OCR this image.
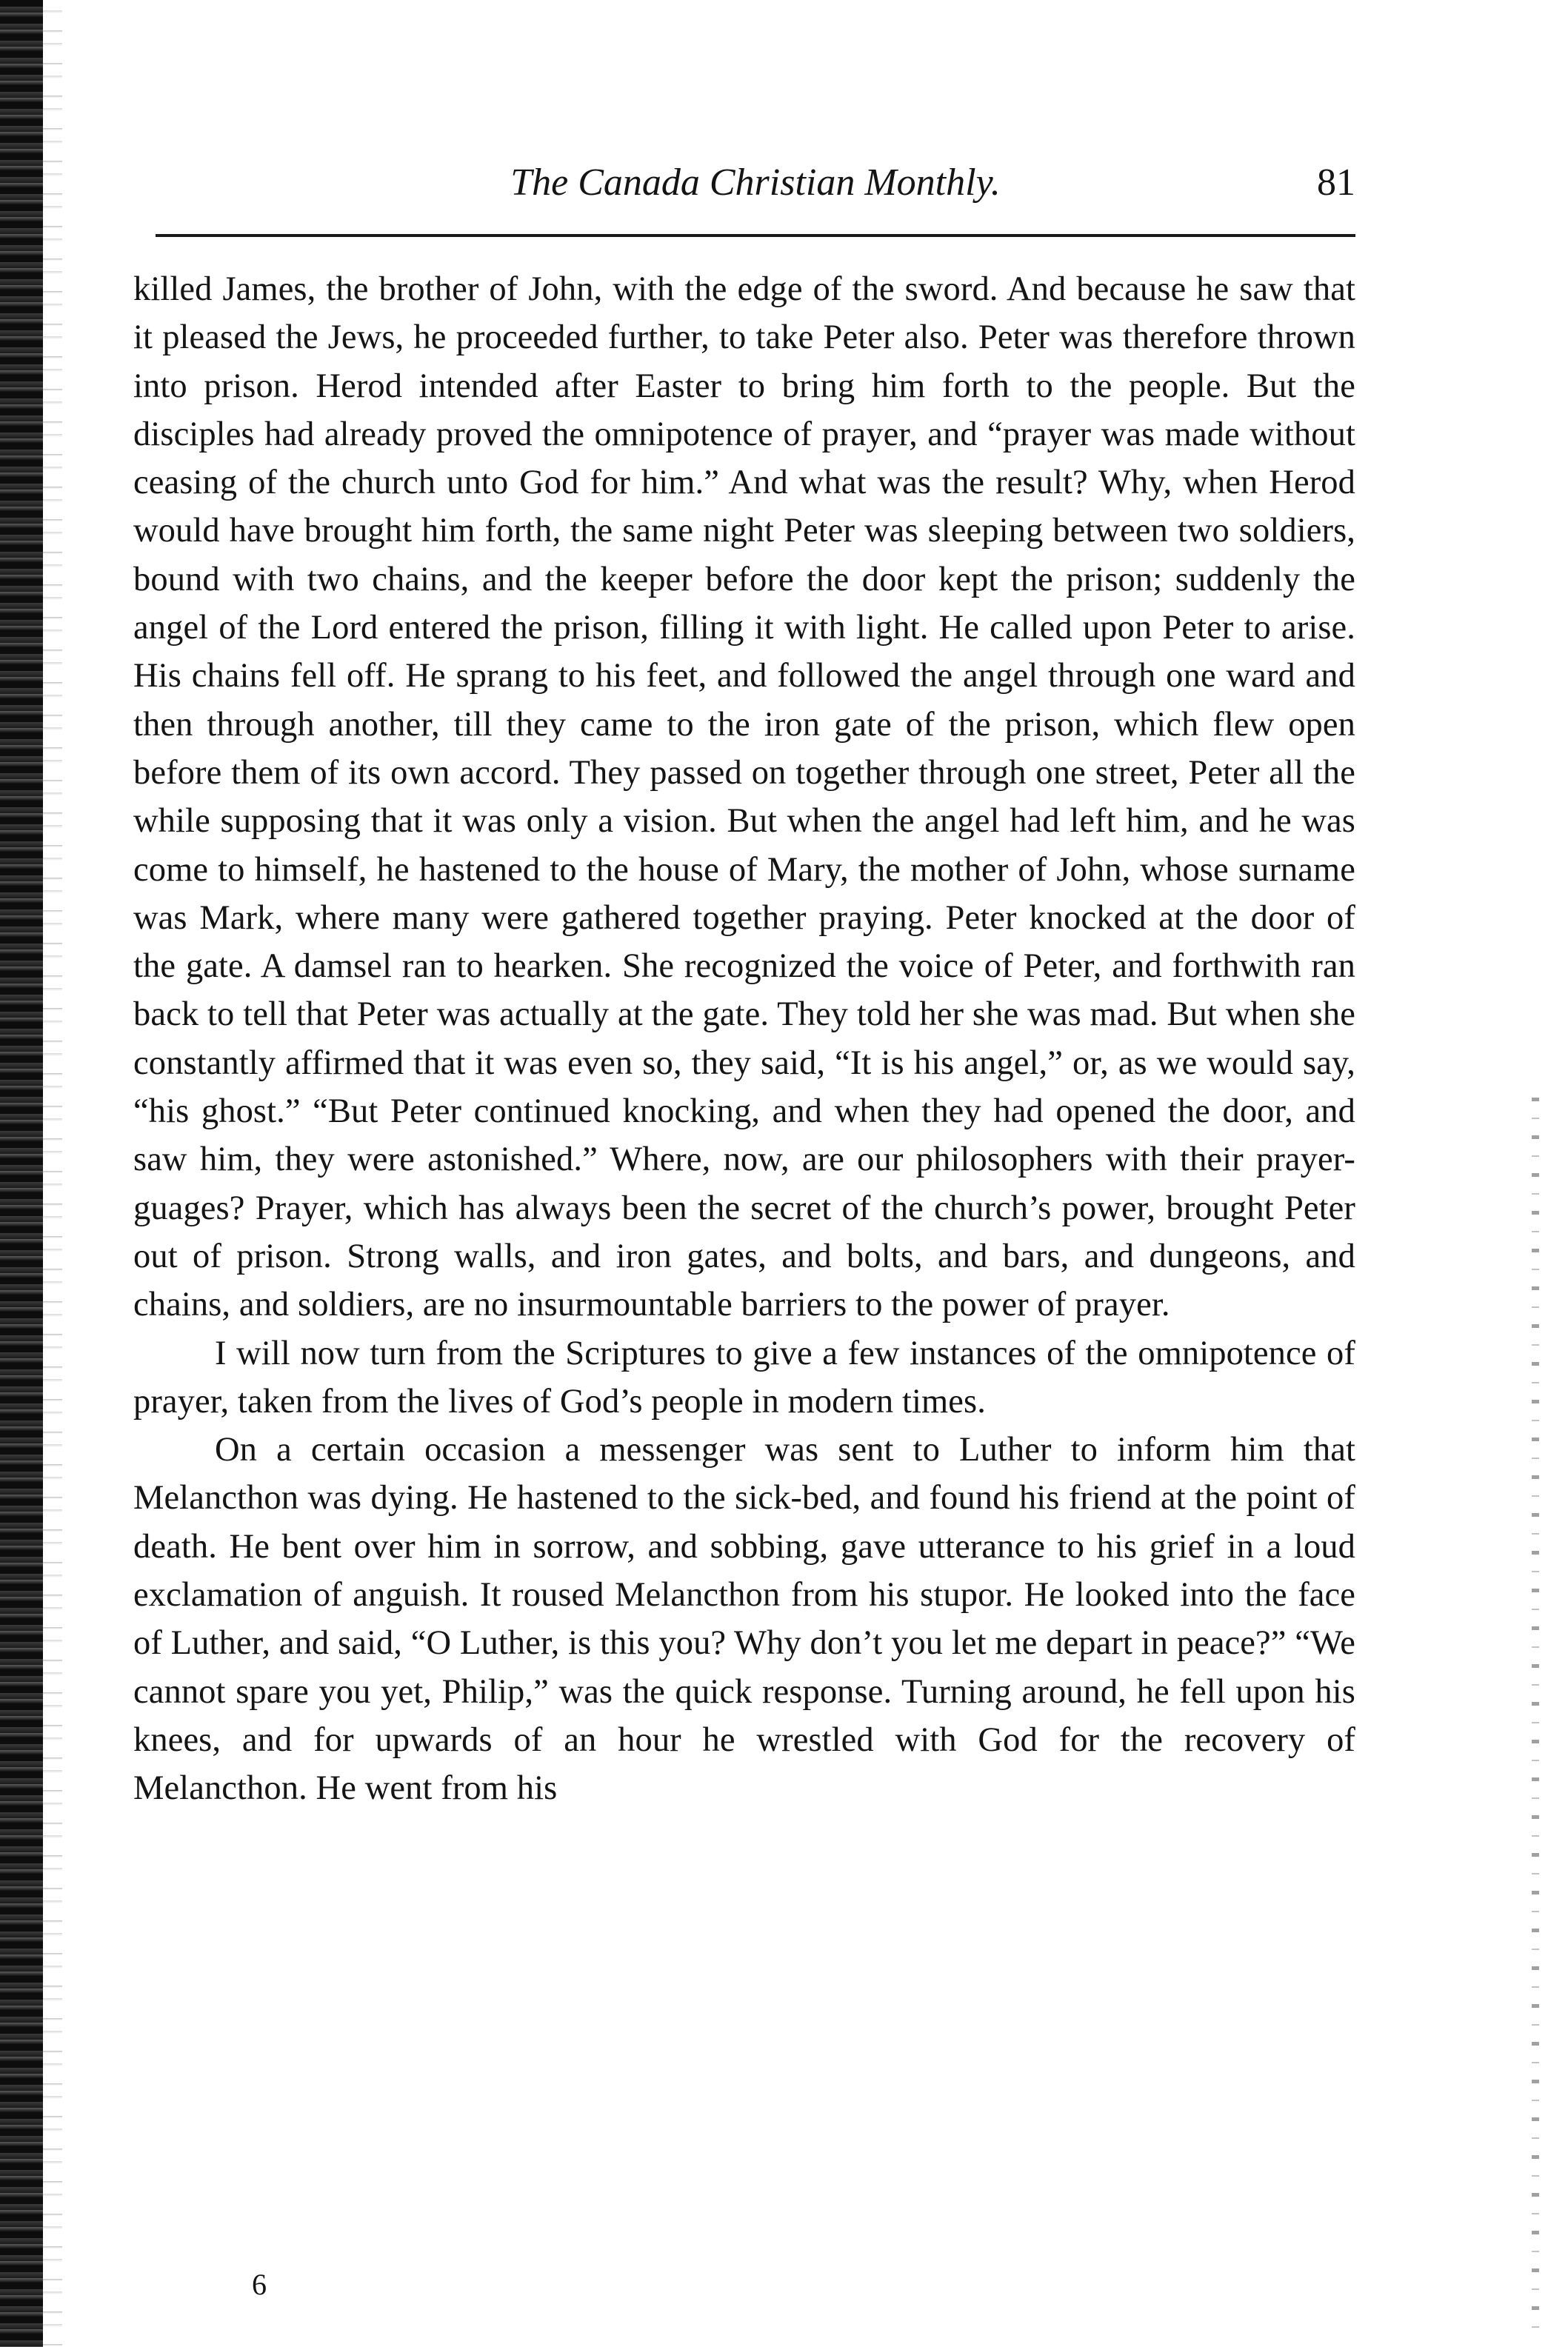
The Canada Christian Monthly.	81

killed James, the brother of John, with the edge of the sword. And because he saw that it pleased the Jews, he proceeded further, to take Peter also. Peter was therefore thrown into prison. Herod intended after Easter to bring him forth to the people. But the disciples had already proved the omnipotence of prayer, and “prayer was made without ceasing of the church unto God for him.” And what was the result? Why, when Herod would have brought him forth, the same night Peter was sleeping between two soldiers, bound with two chains, and the keeper before the door kept the prison; suddenly the angel of the Lord entered the prison, filling it with light. He called upon Peter to arise. His chains fell off. He sprang to his feet, and followed the angel through one ward and then through another, till they came to the iron gate of the prison, which flew open before them of its own accord. They passed on together through one street, Peter all the while supposing that it was only a vision. But when the angel had left him, and he was come to himself, he hastened to the house of Mary, the mother of John, whose surname was Mark, where many were gathered together praying. Peter knocked at the door of the gate. A damsel ran to hearken. She recognized the voice of Peter, and forthwith ran back to tell that Peter was actually at the gate. They told her she was mad. But when she constantly affirmed that it was even so, they said, “It is his angel,” or, as we would say, “his ghost.” “But Peter continued knocking, and when they had opened the door, and saw him, they were astonished.” Where, now, are our philosophers with their prayer-guages? Prayer, which has always been the secret of the church’s power, brought Peter out of prison. Strong walls, and iron gates, and bolts, and bars, and dungeons, and chains, and soldiers, are no insurmountable barriers to the power of prayer.

I will now turn from the Scriptures to give a few instances of the omnipotence of prayer, taken from the lives of God’s people in modern times.

On a certain occasion a messenger was sent to Luther to inform him that Melancthon was dying. He hastened to the sick-bed, and found his friend at the point of death. He bent over him in sorrow, and sobbing, gave utterance to his grief in a loud exclamation of anguish. It roused Melancthon from his stupor. He looked into the face of Luther, and said, “O Luther, is this you? Why don’t you let me depart in peace?” “We cannot spare you yet, Philip,” was the quick response. Turning around, he fell upon his knees, and for upwards of an hour he wrestled with God for the recovery of Melancthon. He went from his

6
